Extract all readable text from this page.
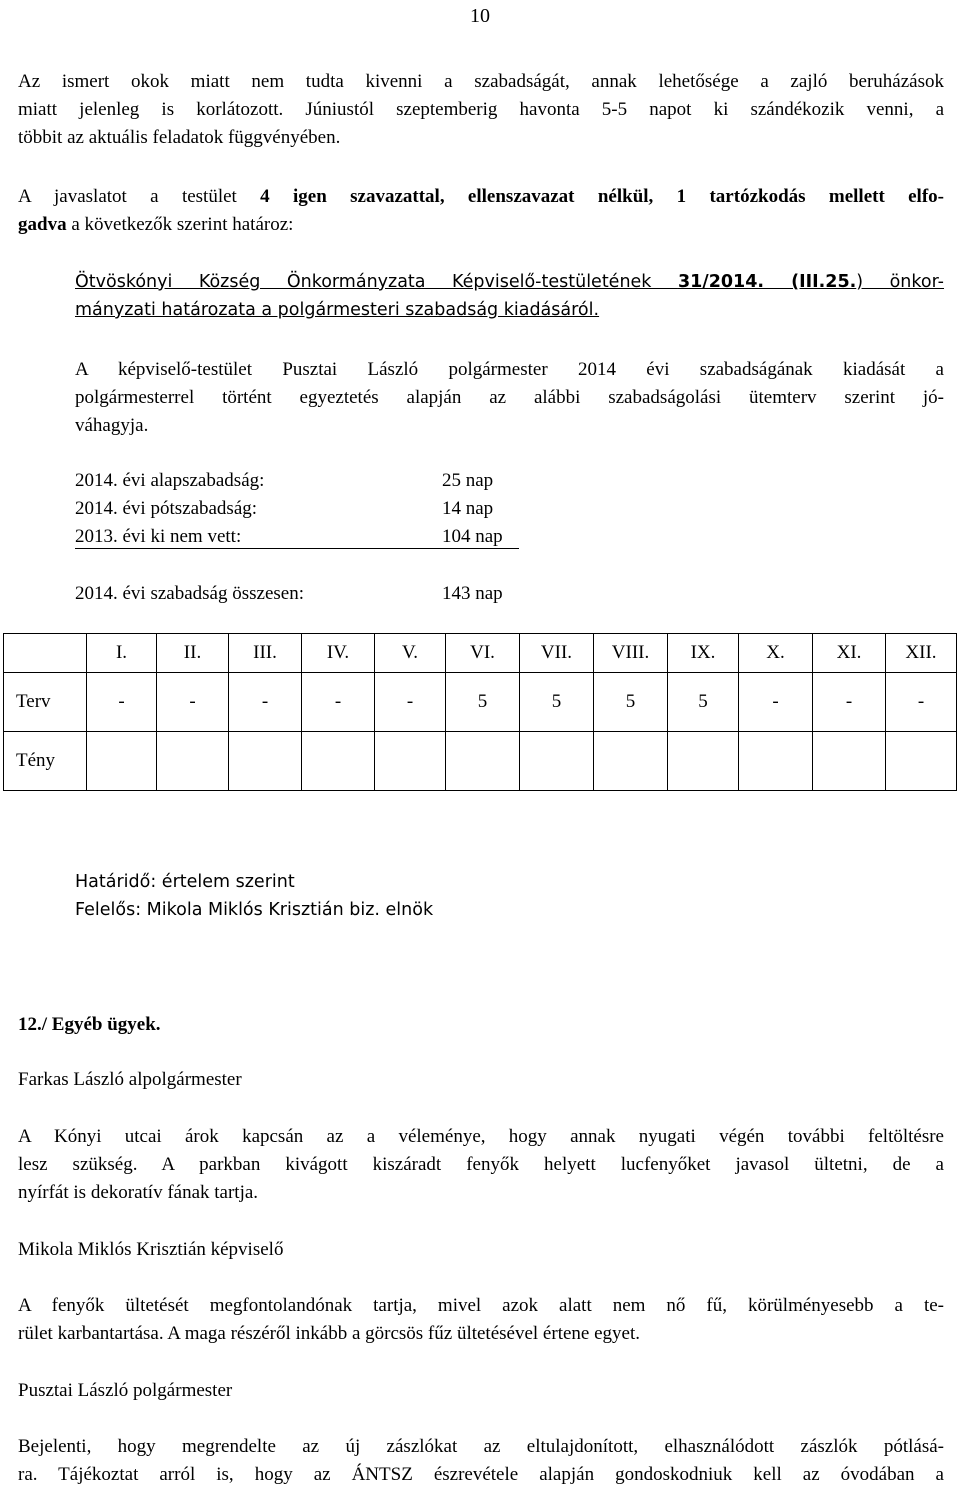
10
Az ismert okok miatt nem tudta kivenni a szabadságát, annak lehetősége a zajló beruházások
miatt jelenleg is korlátozott. Júniustól szeptemberig havonta 5-5 napot ki szándékozik venni, a
többit az aktuális feladatok függvényében.
A javaslatot a testület 4 igen szavazattal, ellenszavazat nélkül, 1 tartózkodás mellett elfo-
gadva a következők szerint határoz:
Ötvöskónyi Község Önkormányzata Képviselő-testületének 31/2014. (III.25.) önkor-
mányzati határozata a polgármesteri szabadság kiadásáról.
A képviselő-testület Pusztai László polgármester 2014 évi szabadságának kiadását a
polgármesterrel történt egyeztetés alapján az alábbi szabadságolási ütemterv szerint jó-
váhagyja.
2014. évi alapszabadság:	25 nap
2014. évi pótszabadság:	14 nap
2013. évi ki nem vett:	104 nap
2014. évi szabadság összesen:	143 nap
	I.	II.	III.	IV.	V.	VI.	VII.	VIII.	IX.	X.	XI.	XII.
Terv	-	-	-	-	-	5	5	5	5	-	-	-
Tény												
Határidő: értelem szerint
Felelős: Mikola Miklós Krisztián biz. elnök
12./ Egyéb ügyek.
Farkas László alpolgármester
A Kónyi utcai árok kapcsán az a véleménye, hogy annak nyugati végén további feltöltésre
lesz szükség. A parkban kivágott kiszáradt fenyők helyett lucfenyőket javasol ültetni, de a
nyírfát is dekoratív fának tartja.
Mikola Miklós Krisztián képviselő
A fenyők ültetését megfontolandónak tartja, mivel azok alatt nem nő fű, körülményesebb a te-
rület karbantartása. A maga részéről inkább a görcsös fűz ültetésével értene egyet.
Pusztai László polgármester
Bejelenti, hogy megrendelte az új zászlókat az eltulajdonított, elhasználódott zászlók pótlásá-
ra. Tájékoztat arról is, hogy az ÁNTSZ észrevétele alapján gondoskodniuk kell az óvodában a
